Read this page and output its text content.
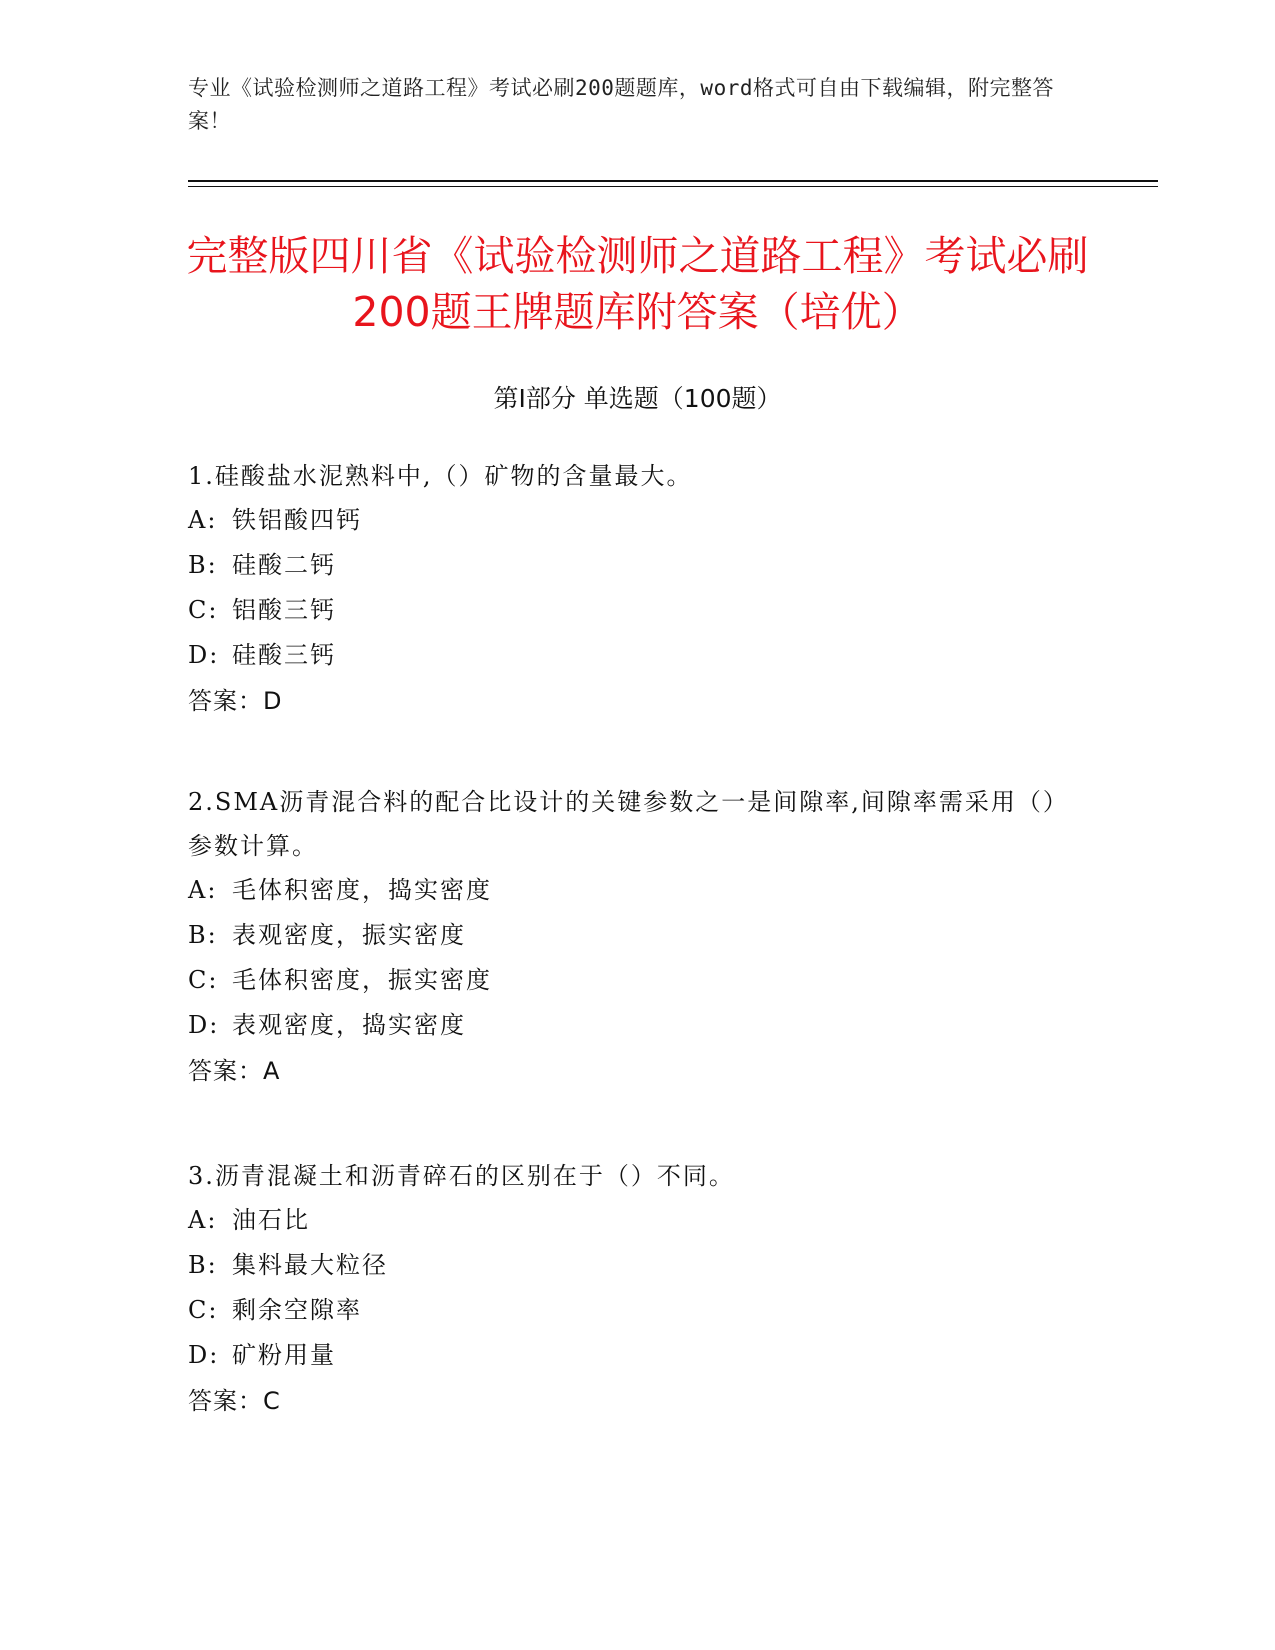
专业《试验检测师之道路工程》考试必刷200题题库，word格式可自由下载编辑，附完整答案！
完整版四川省《试验检测师之道路工程》考试必刷200题王牌题库附答案（培优）
第Ⅰ部分 单选题（100题）

1.硅酸盐水泥熟料中,（）矿物的含量最大。

A: 铁铝酸四钙
B: 硅酸二钙
C: 铝酸三钙
D: 硅酸三钙

答案：D

2.SMA沥青混合料的配合比设计的关键参数之一是间隙率,间隙率需采用（）参数计算。

A: 毛体积密度，捣实密度
B: 表观密度，振实密度
C: 毛体积密度，振实密度
D: 表观密度，捣实密度

答案：A

3.沥青混凝土和沥青碎石的区别在于（）不同。

A: 油石比
B: 集料最大粒径
C: 剩余空隙率
D: 矿粉用量

答案：C
